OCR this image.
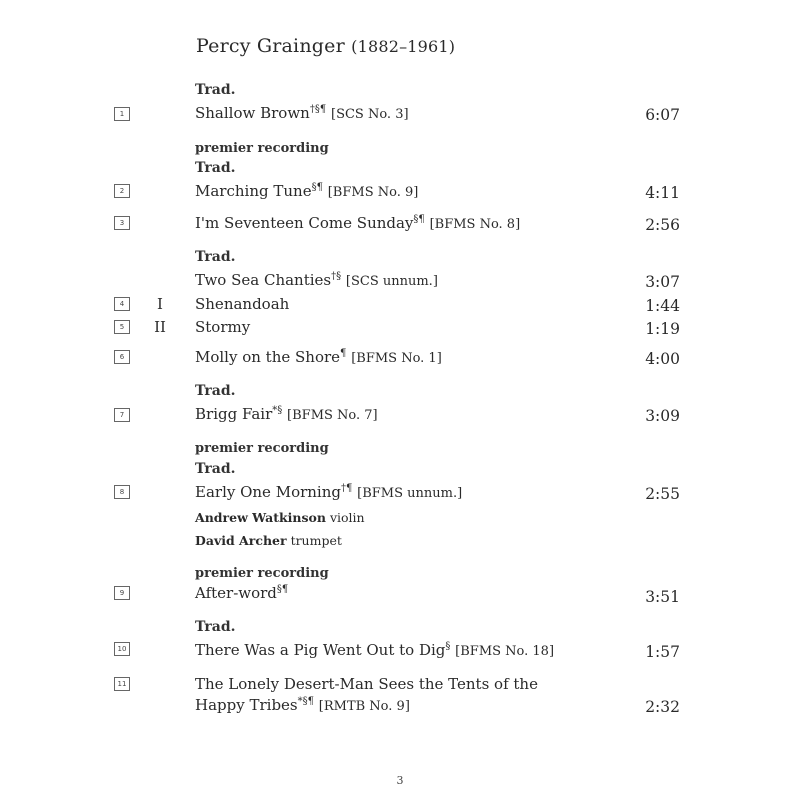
Percy Grainger (1882–1961)
Trad.
1	Shallow Brown†§¶ [SCS No. 3]	6:07
premier recording
Trad.
2	Marching Tune§¶ [BFMS No. 9]	4:11
3	I'm Seventeen Come Sunday§¶ [BFMS No. 8]	2:56
Trad.
Two Sea Chanties†§ [SCS unnum.]	3:07
4	I	Shenandoah	1:44
5	II	Stormy	1:19
6	Molly on the Shore¶ [BFMS No. 1]	4:00
Trad.
7	Brigg Fair*§ [BFMS No. 7]	3:09
premier recording
Trad.
8	Early One Morning†¶ [BFMS unnum.]	2:55
Andrew Watkinson violin
David Archer trumpet
premier recording
9	After-word§¶	3:51
Trad.
10	There Was a Pig Went Out to Dig§ [BFMS No. 18]	1:57
11	The Lonely Desert-Man Sees the Tents of the
Happy Tribes*§¶ [RMTB No. 9]	2:32
3
